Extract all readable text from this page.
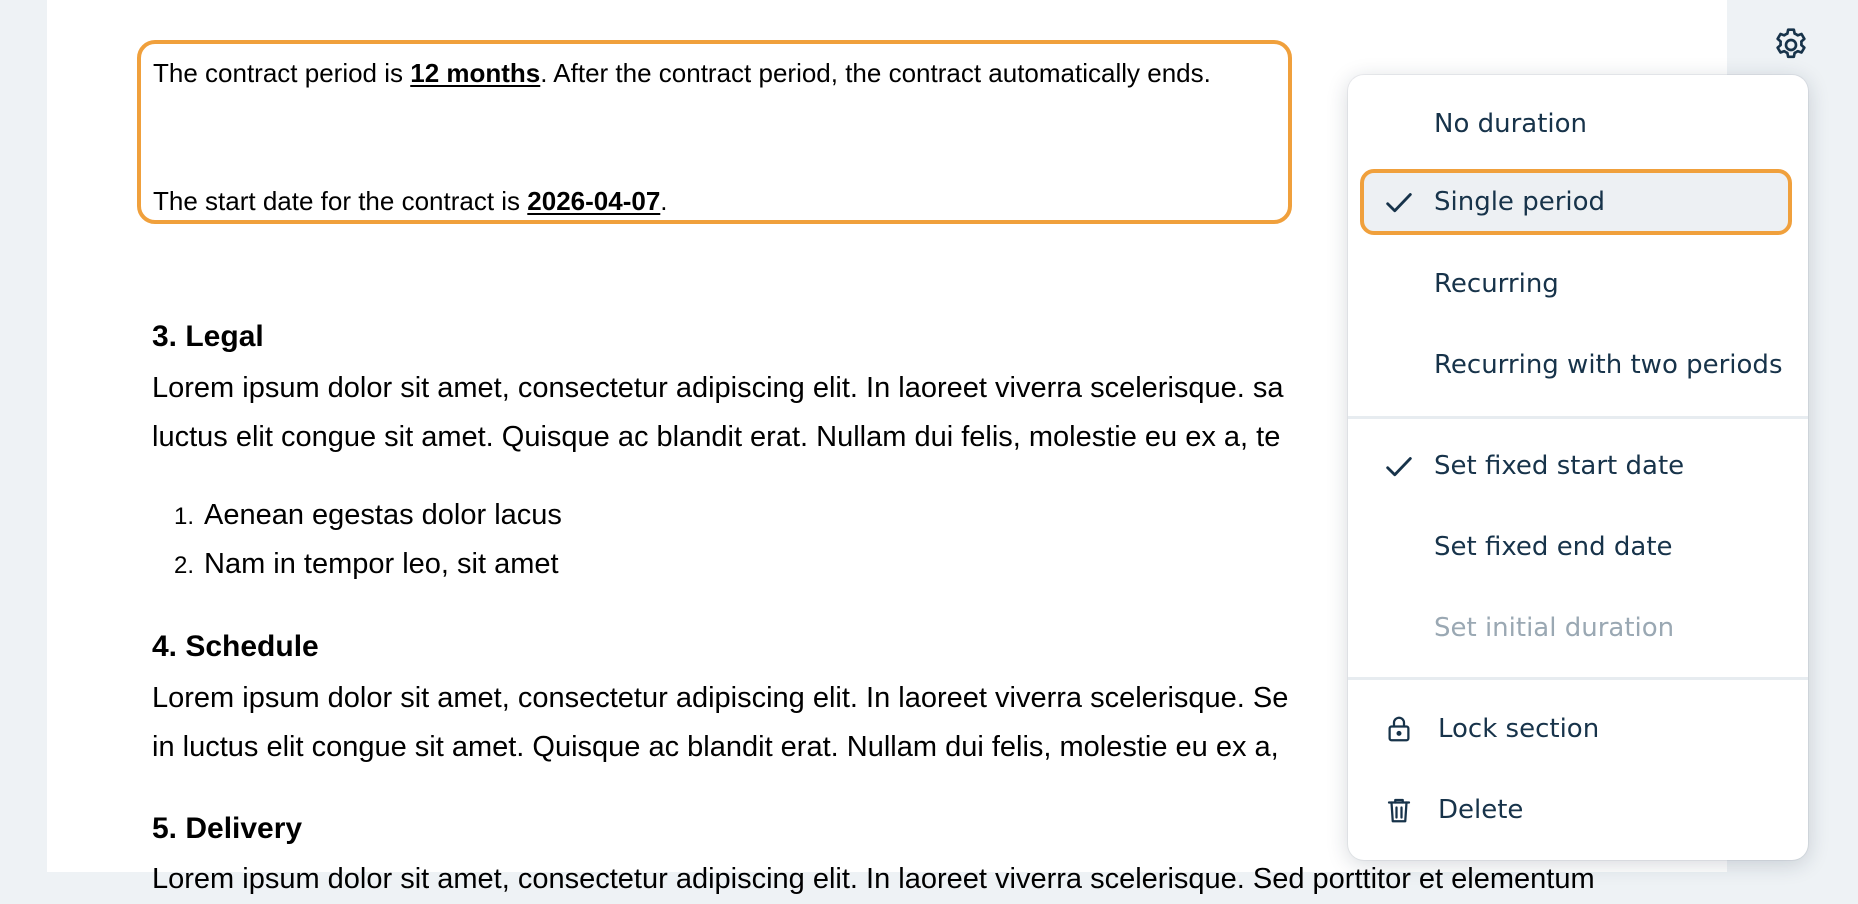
The contract period is 12 months. After the contract period, the contract automatically ends.

The start date for the contract is 2026-04-07.

3. Legal
Lorem ipsum dolor sit amet, consectetur adipiscing elit. In laoreet viverra scelerisque. sa
luctus elit congue sit amet. Quisque ac blandit erat. Nullam dui felis, molestie eu ex a, te
1. Aenean egestas dolor lacus
2. Nam in tempor leo, sit amet
4. Schedule
Lorem ipsum dolor sit amet, consectetur adipiscing elit. In laoreet viverra scelerisque. Se
in luctus elit congue sit amet. Quisque ac blandit erat. Nullam dui felis, molestie eu ex a,
5. Delivery
Lorem ipsum dolor sit amet, consectetur adipiscing elit. In laoreet viverra scelerisque. Sed porttitor et elementum
No duration
Single period
Recurring
Recurring with two periods
Set fixed start date
Set fixed end date
Set initial duration
Lock section
Delete
